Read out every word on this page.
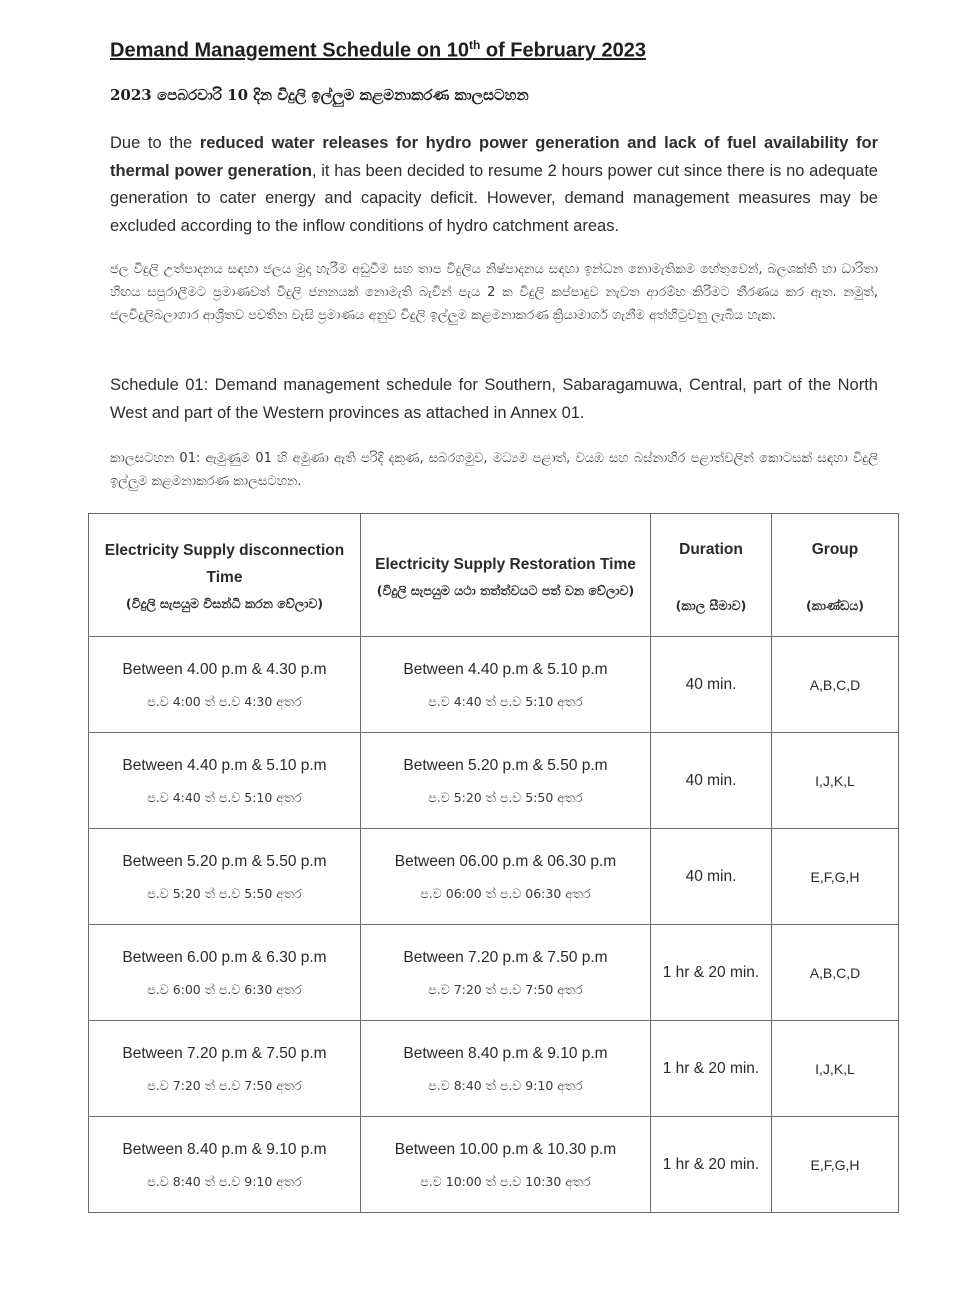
Demand Management Schedule on 10th of February 2023

2023 පෙබරවාරි 10 දින විදුලි ඉල්ලුම කළමනාකරණ කාලසටහන

Due to the reduced water releases for hydro power generation and lack of fuel availability for thermal power generation, it has been decided to resume 2 hours power cut since there is no adequate generation to cater energy and capacity deficit. However, demand management measures may be excluded according to the inflow conditions of hydro catchment areas.

ජල විදුලි උත්පාදනය සඳහා ජලය මුදා හැරීම අඩුවීම සහ තාප විදුලිය නිෂ්පාදනය සඳහා ඉන්ධන නොමැතිකම හේතුවෙන්, බලශක්ති හා ධාරිතා හිඟය සපුරාලීමට ප්‍රමාණවත් විදුලි ජනනයක් නොමැති බැවින් පැය 2 ක විදුලි කප්පාදුව නැවත ආරම්භ කිරීමට තීරණය කර ඇත. නමුත්, ජලවිදුලිබලාගාර ආශ්‍රිතව පවතින වැසි ප්‍රමාණය අනුව විදුලි ඉල්ලුම කළමනාකරණ ක්‍රියාමාර්ග ගැනීම අත්හිටුවනු ලැබිය හැක.

Schedule 01: Demand management schedule for Southern, Sabaragamuwa, Central, part of the North West and part of the Western provinces as attached in Annex 01.

කාලසටහන 01: ඇමුණුම 01 හි අමුණා ඇති පරිදි දකුණ, සබරගමුව, මධ්‍යම පළාත්, වයඹ සහ බස්නාහිර පළාත්වලින් කොටසක් සඳහා විදුලි ඉල්ලුම කළමනාකරණ කාලසටහන.

Electricity Supply disconnection Time
(විදුලි සැපයුම විසන්ධි කරන වේලාව)	Electricity Supply Restoration Time
(විදුලි සැපයුම යථා තත්ත්වයට පත් වන වේලාව)	Duration
(කාල සීමාව)	Group
(කාණ්ඩය)

Between 4.00 p.m & 4.30 p.m
ප.ව 4:00 ත් ප.ව 4:30 අතර	Between 4.40 p.m & 5.10 p.m
ප.ව 4:40 ත් ප.ව 5:10 අතර	40 min.	A,B,C,D

Between 4.40 p.m & 5.10 p.m
ප.ව 4:40 ත් ප.ව 5:10 අතර	Between 5.20 p.m & 5.50 p.m
ප.ව 5:20 ත් ප.ව 5:50 අතර	40 min.	I,J,K,L

Between 5.20 p.m & 5.50 p.m
ප.ව 5:20 ත් ප.ව 5:50 අතර	Between 06.00 p.m & 06.30 p.m
ප.ව 06:00 ත් ප.ව 06:30 අතර	40 min.	E,F,G,H

Between 6.00 p.m & 6.30 p.m
ප.ව 6:00 ත් ප.ව 6:30 අතර	Between 7.20 p.m & 7.50 p.m
ප.ව 7:20 ත් ප.ව 7:50 අතර	1 hr & 20 min.	A,B,C,D

Between 7.20 p.m & 7.50 p.m
ප.ව 7:20 ත් ප.ව 7:50 අතර	Between 8.40 p.m & 9.10 p.m
ප.ව 8:40 ත් ප.ව 9:10 අතර	1 hr & 20 min.	I,J,K,L

Between 8.40 p.m & 9.10 p.m
ප.ව 8:40 ත් ප.ව 9:10 අතර	Between 10.00 p.m & 10.30 p.m
ප.ව 10:00 ත් ප.ව 10:30 අතර	1 hr & 20 min.	E,F,G,H
